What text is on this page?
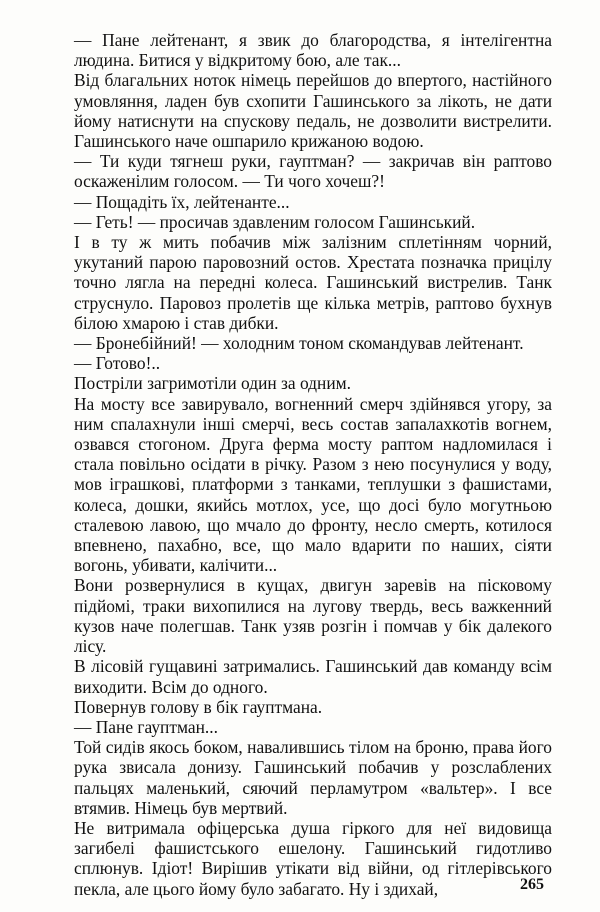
— Пане лейтенант, я звик до благородства, я інтелігентна людина. Битися у відкритому бою, але так...

Від благальних ноток німець перейшов до впертого, настійного умовляння, ладен був схопити Гашинського за лікоть, не дати йому натиснути на спускову педаль, не дозволити вистрелити. Гашинського наче ошпарило крижаною водою.

— Ти куди тягнеш руки, гауптман? — закричав він раптово оскаженілим голосом. — Ти чого хочеш?!

— Пощадіть їх, лейтенанте...

— Геть! — просичав здавленим голосом Гашинський.

І в ту ж мить побачив між залізним сплетінням чорний, укутаний парою паровозний остов. Хрестата позначка прицілу точно лягла на передні колеса. Гашинський вистрелив. Танк струснуло. Паровоз пролетів ще кілька метрів, раптово бухнув білою хмарою і став дибки.

— Бронебійний! — холодним тоном скомандував лейтенант.

— Готово!..

Постріли загримотіли один за одним.

На мосту все завирувало, вогненний смерч здійнявся угору, за ним спалахнули інші смерчі, весь состав запалахкотів вогнем, озвався стогоном. Друга ферма мосту раптом надломилася і стала повільно осідати в річку. Разом з нею посунулися у воду, мов іграшкові, платформи з танками, теплушки з фашистами, колеса, дошки, якийсь мотлох, усе, що досі було могутньою сталевою лавою, що мчало до фронту, несло смерть, котилося впевнено, пахабно, все, що мало вдарити по наших, сіяти вогонь, убивати, калічити...

Вони розвернулися в кущах, двигун заревів на пісковому підйомі, траки вихопилися на лугову твердь, весь важкенний кузов наче полегшав. Танк узяв розгін і помчав у бік далекого лісу.

В лісовій гущавині затримались. Гашинський дав команду всім виходити. Всім до одного.

Повернув голову в бік гауптмана.

— Пане гауптман...

Той сидів якось боком, навалившись тілом на броню, права його рука звисала донизу. Гашинський побачив у розслаблених пальцях маленький, сяючий перламутром «вальтер». І все втямив. Німець був мертвий.

Не витримала офіцерська душа гіркого для неї видовища загибелі фашистського ешелону. Гашинський гидотливо сплюнув. Ідіот! Вирішив утікати від війни, од гітлерівського пекла, але цього йому було забагато. Ну і здихай,	265
